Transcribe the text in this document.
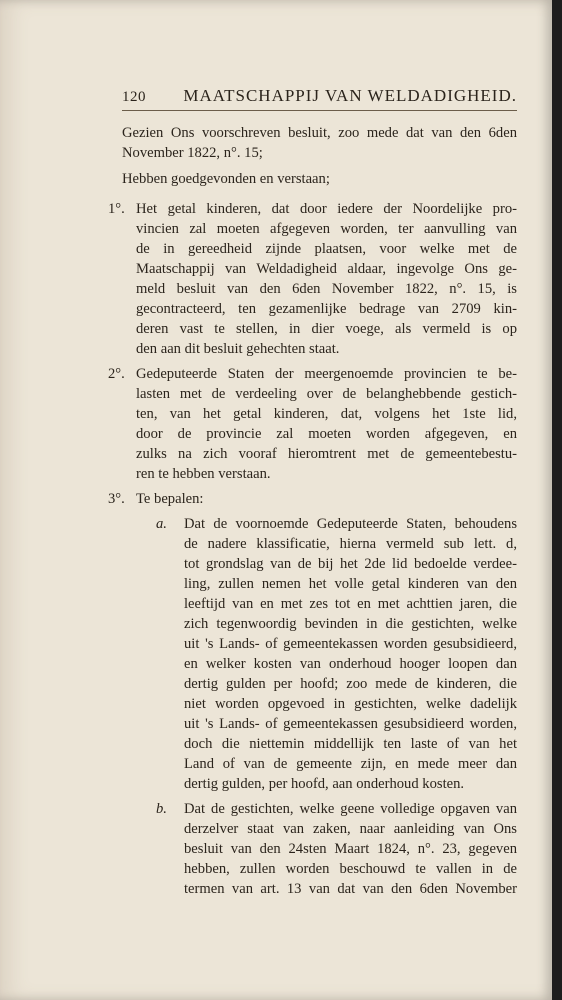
120 MAATSCHAPPIJ VAN WELDADIGHEID.
Gezien Ons voorschreven besluit, zoo mede dat van den 6den
November 1822, n°. 15;
Hebben goedgevonden en verstaan;
1°. Het getal kinderen, dat door iedere der Noordelijke pro-
vincien zal moeten afgegeven worden, ter aanvulling van
de in gereedheid zijnde plaatsen, voor welke met de
Maatschappij van Weldadigheid aldaar, ingevolge Ons ge-
meld besluit van den 6den November 1822, n°. 15, is
gecontracteerd, ten gezamenlijke bedrage van 2709 kin-
deren vast te stellen, in dier voege, als vermeld is op
den aan dit besluit gehechten staat.
2°. Gedeputeerde Staten der meergenoemde provincien te be-
lasten met de verdeeling over de belanghebbende gestich-
ten, van het getal kinderen, dat, volgens het 1ste lid,
door de provincie zal moeten worden afgegeven, en
zulks na zich vooraf hieromtrent met de gemeentebestu-
ren te hebben verstaan.
3°. Te bepalen:
a.	Dat de voornoemde Gedeputeerde Staten, behoudens
de nadere klassificatie, hierna vermeld sub lett. d,
tot grondslag van de bij het 2de lid bedoelde verdee-
ling, zullen nemen het volle getal kinderen van den
leeftijd van en met zes tot en met achttien jaren, die
zich tegenwoordig bevinden in die gestichten, welke
uit 's Lands- of gemeentekassen worden gesubsidieerd,
en welker kosten van onderhoud hooger loopen dan
dertig gulden per hoofd; zoo mede de kinderen, die
niet worden opgevoed in gestichten, welke dadelijk
uit 's Lands- of gemeentekassen gesubsidieerd worden,
doch die niettemin middellijk ten laste of van het
Land of van de gemeente zijn, en mede meer dan
dertig gulden, per hoofd, aan onderhoud kosten.
b.	Dat de gestichten, welke geene volledige opgaven van
derzelver staat van zaken, naar aanleiding van Ons
besluit van den 24sten Maart 1824, n°. 23, gegeven
hebben, zullen worden beschouwd te vallen in de
termen van art. 13 van dat van den 6den November
